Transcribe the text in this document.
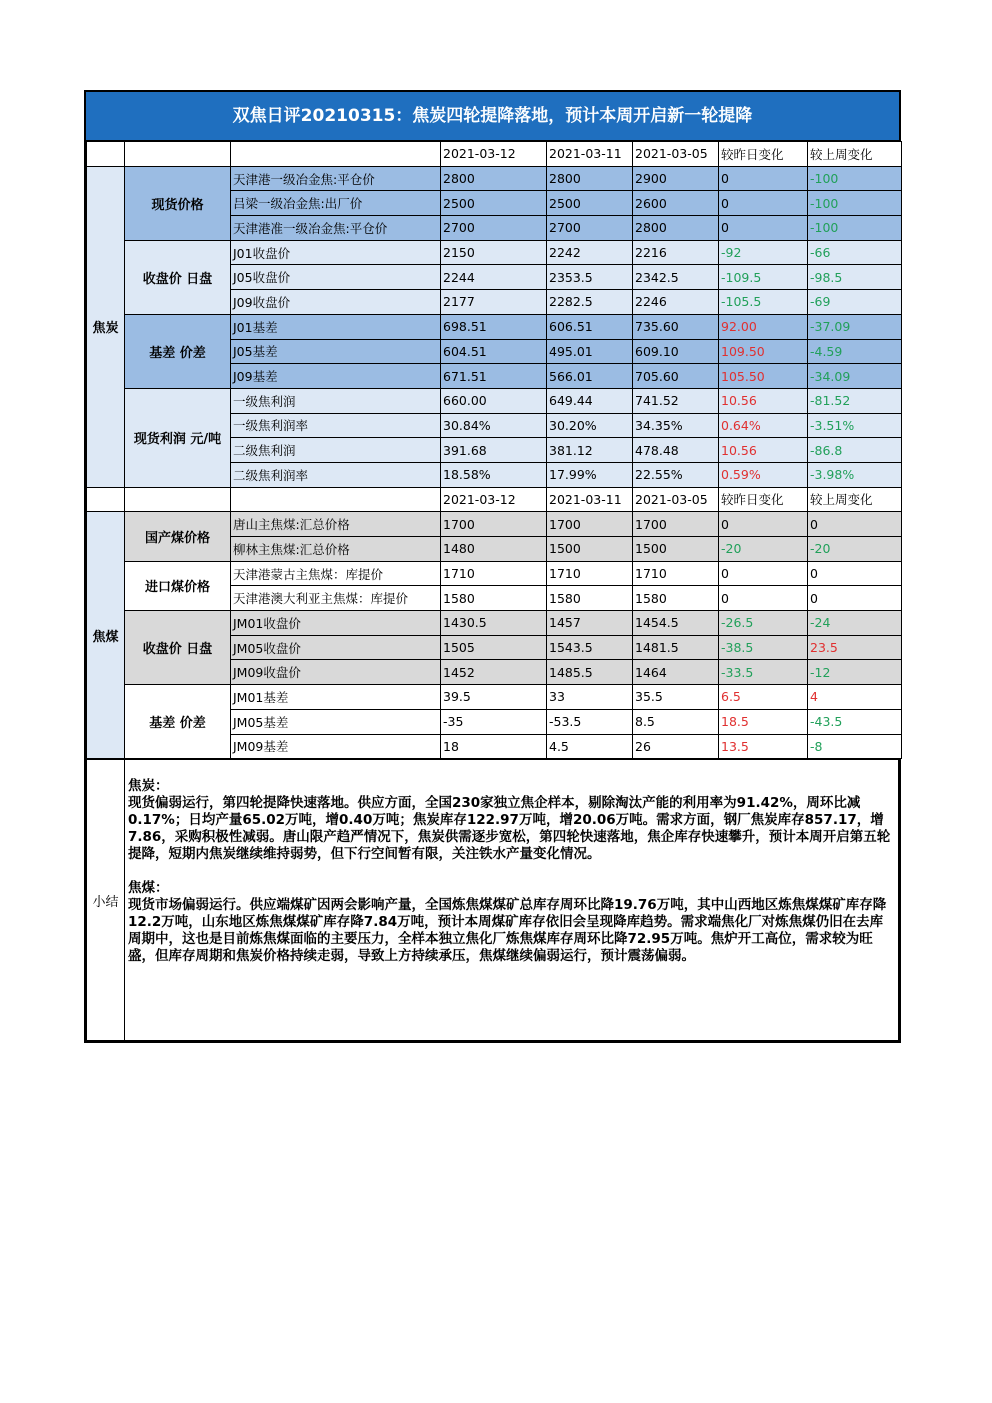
双焦日评20210315：焦炭四轮提降落地，预计本周开启新一轮提降
			2021-03-12	2021-03-11	2021-03-05	较昨日变化	较上周变化
焦炭	现货价格	天津港一级冶金焦:平仓价	2800	2800	2900	0	-100
		吕梁一级冶金焦:出厂价	2500	2500	2600	0	-100
		天津港准一级冶金焦:平仓价	2700	2700	2800	0	-100
	收盘价 日盘	J01收盘价	2150	2242	2216	-92	-66
		J05收盘价	2244	2353.5	2342.5	-109.5	-98.5
		J09收盘价	2177	2282.5	2246	-105.5	-69
	基差 价差	J01基差	698.51	606.51	735.60	92.00	-37.09
		J05基差	604.51	495.01	609.10	109.50	-4.59
		J09基差	671.51	566.01	705.60	105.50	-34.09
	现货利润 元/吨	一级焦利润	660.00	649.44	741.52	10.56	-81.52
		一级焦利润率	30.84%	30.20%	34.35%	0.64%	-3.51%
		二级焦利润	391.68	381.12	478.48	10.56	-86.8
		二级焦利润率	18.58%	17.99%	22.55%	0.59%	-3.98%
			2021-03-12	2021-03-11	2021-03-05	较昨日变化	较上周变化
焦煤	国产煤价格	唐山主焦煤:汇总价格	1700	1700	1700	0	0
		柳林主焦煤:汇总价格	1480	1500	1500	-20	-20
	进口煤价格	天津港蒙古主焦煤：库提价	1710	1710	1710	0	0
		天津港澳大利亚主焦煤：库提价	1580	1580	1580	0	0
	收盘价 日盘	JM01收盘价	1430.5	1457	1454.5	-26.5	-24
		JM05收盘价	1505	1543.5	1481.5	-38.5	23.5
		JM09收盘价	1452	1485.5	1464	-33.5	-12
	基差 价差	JM01基差	39.5	33	35.5	6.5	4
		JM05基差	-35	-53.5	8.5	18.5	-43.5
		JM09基差	18	4.5	26	13.5	-8
小结	
焦炭：
现货偏弱运行，第四轮提降快速落地。供应方面，全国230家独立焦企样本，剔除淘汰产能的利用率为91.42%，周环比减0.17%；日均产量65.02万吨，增0.40万吨；焦炭库存122.97万吨，增20.06万吨。需求方面，钢厂焦炭库存857.17，增7.86，采购积极性减弱。唐山限产趋严情况下，焦炭供需逐步宽松，第四轮快速落地，焦企库存快速攀升，预计本周开启第五轮提降，短期内焦炭继续维持弱势，但下行空间暂有限，关注铁水产量变化情况。
焦煤：
现货市场偏弱运行。供应端煤矿因两会影响产量，全国炼焦煤煤矿总库存周环比降19.76万吨，其中山西地区炼焦煤煤矿库存降12.2万吨，山东地区炼焦煤煤矿库存降7.84万吨，预计本周煤矿库存依旧会呈现降库趋势。需求端焦化厂对炼焦煤仍旧在去库周期中，这也是目前炼焦煤面临的主要压力，全样本独立焦化厂炼焦煤库存周环比降72.95万吨。焦炉开工高位，需求较为旺盛，但库存周期和焦炭价格持续走弱，导致上方持续承压，焦煤继续偏弱运行，预计震荡偏弱。
